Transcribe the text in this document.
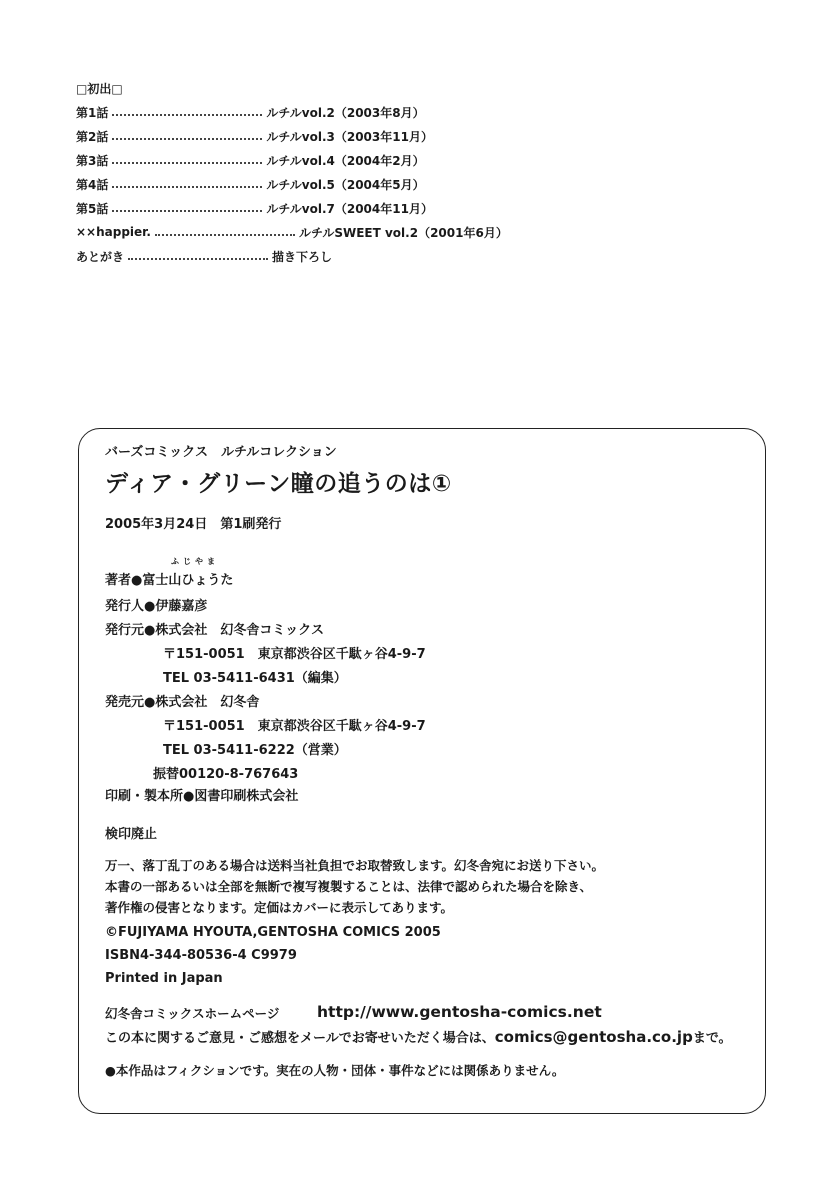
□初出□
第1話	ルチルvol.2（2003年8月）
第2話	ルチルvol.3（2003年11月）
第3話	ルチルvol.4（2004年2月）
第4話	ルチルvol.5（2004年5月）
第5話	ルチルvol.7（2004年11月）
××happier.	ルチルSWEET vol.2（2001年6月）
あとがき	描き下ろし
バーズコミックス　ルチルコレクション
ディア・グリーン瞳の追うのは①
2005年3月24日　第1刷発行
ふじやま
著者●富士山ひょうた
発行人●伊藤嘉彦
発行元●株式会社　幻冬舎コミックス
〒151-0051　東京都渋谷区千駄ヶ谷4-9-7
TEL 03-5411-6431（編集）
発売元●株式会社　幻冬舎
〒151-0051　東京都渋谷区千駄ヶ谷4-9-7
TEL 03-5411-6222（営業）
振替00120-8-767643
印刷・製本所●図書印刷株式会社
検印廃止
万一、落丁乱丁のある場合は送料当社負担でお取替致します。幻冬舎宛にお送り下さい。
本書の一部あるいは全部を無断で複写複製することは、法律で認められた場合を除き、
著作権の侵害となります。定価はカバーに表示してあります。
©FUJIYAMA HYOUTA,GENTOSHA COMICS 2005
ISBN4-344-80536-4 C9979
Printed in Japan
幻冬舎コミックスホームページ http://www.gentosha-comics.net
この本に関するご意見・ご感想をメールでお寄せいただく場合は、comics@gentosha.co.jpまで。
●本作品はフィクションです。実在の人物・団体・事件などには関係ありません。
